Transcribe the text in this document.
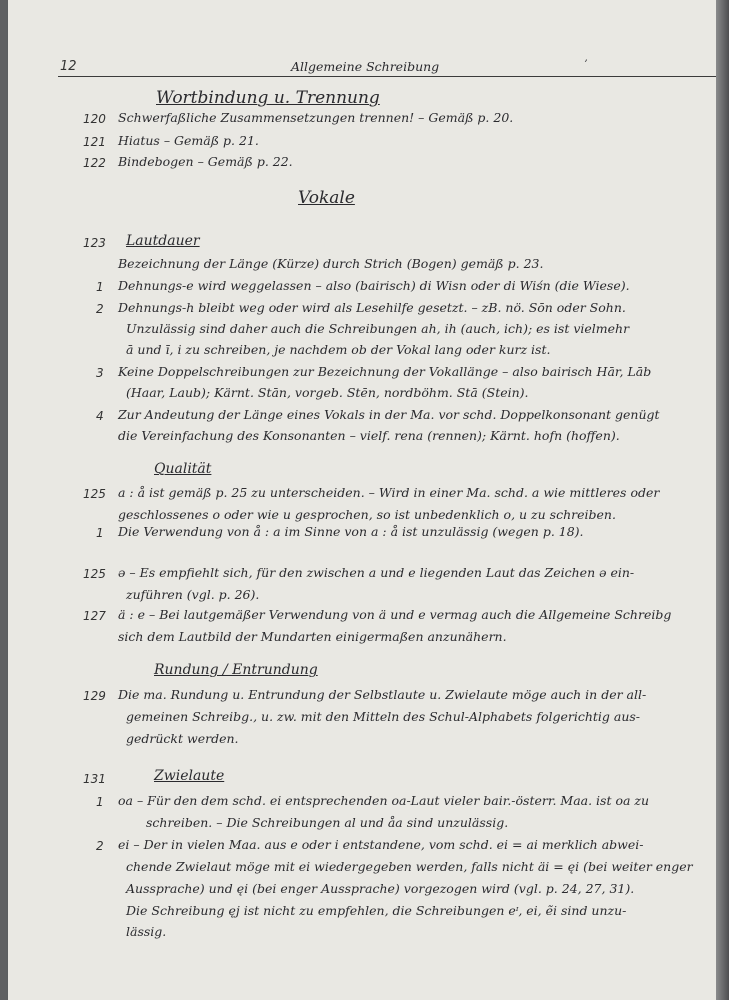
12	Allgemeine Schreibung	ʼ
Wortbindung u. Trennung
120 Schwerfaßliche Zusammensetzungen trennen! – Gemäß p. 20.
121 Hiatus – Gemäß p. 21.
122 Bindebogen – Gemäß p. 22.
Vokale
123 Lautdauer
Bezeichnung der Länge (Kürze) durch Strich (Bogen) gemäß p. 23.
1 Dehnungs-e wird weggelassen – also (bairisch) di Wisn oder di Wiśn (die Wiese).
2 Dehnungs-h bleibt weg oder wird als Lesehilfe gesetzt. – zB. nö. Sōn oder Sohn.
Unzulässig sind daher auch die Schreibungen ah, ih (auch, ich); es ist vielmehr
ā und ī, i zu schreiben, je nachdem ob der Vokal lang oder kurz ist.
3 Keine Doppelschreibungen zur Bezeichnung der Vokallänge – also bairisch Hār, Lāb
(Haar, Laub); Kärnt. Stān, vorgeb. Stēn, nordböhm. Stā (Stein).
4 Zur Andeutung der Länge eines Vokals in der Ma. vor schd. Doppelkonsonant genügt
die Vereinfachung des Konsonanten – vielf. rena (rennen); Kärnt. hofn (hoffen).
Qualität
125 a : å ist gemäß p. 25 zu unterscheiden. – Wird in einer Ma. schd. a wie mittleres oder
geschlossenes o oder wie u gesprochen, so ist unbedenklich o, u zu schreiben.
1 Die Verwendung von å : a im Sinne von a : å ist unzulässig (wegen p. 18).
125 ə – Es empfiehlt sich, für den zwischen a und e liegenden Laut das Zeichen ə ein-
zuführen (vgl. p. 26).
127 ä : e – Bei lautgemäßer Verwendung von ä und e vermag auch die Allgemeine Schreibg
sich dem Lautbild der Mundarten einigermaßen anzunähern.
Rundung / Entrundung
129 Die ma. Rundung u. Entrundung der Selbstlaute u. Zwielaute möge auch in der all-
gemeinen Schreibg., u. zw. mit den Mitteln des Schul-Alphabets folgerichtig aus-
gedrückt werden.
131	Zwielaute
1 oa – Für den dem schd. ei entsprechenden oa-Laut vieler bair.-österr. Maa. ist oa zu
schreiben. – Die Schreibungen al und åa sind unzulässig.
2 ei – Der in vielen Maa. aus e oder i entstandene, vom schd. ei = ai merklich abwei-
chende Zwielaut möge mit ei wiedergegeben werden, falls nicht äi = ęi (bei weiter enger
Aussprache) und ęi (bei enger Aussprache) vorgezogen wird (vgl. p. 24, 27, 31).
Die Schreibung ęj ist nicht zu empfehlen, die Schreibungen eᶦ, ei, ẽi sind unzu-
lässig.
